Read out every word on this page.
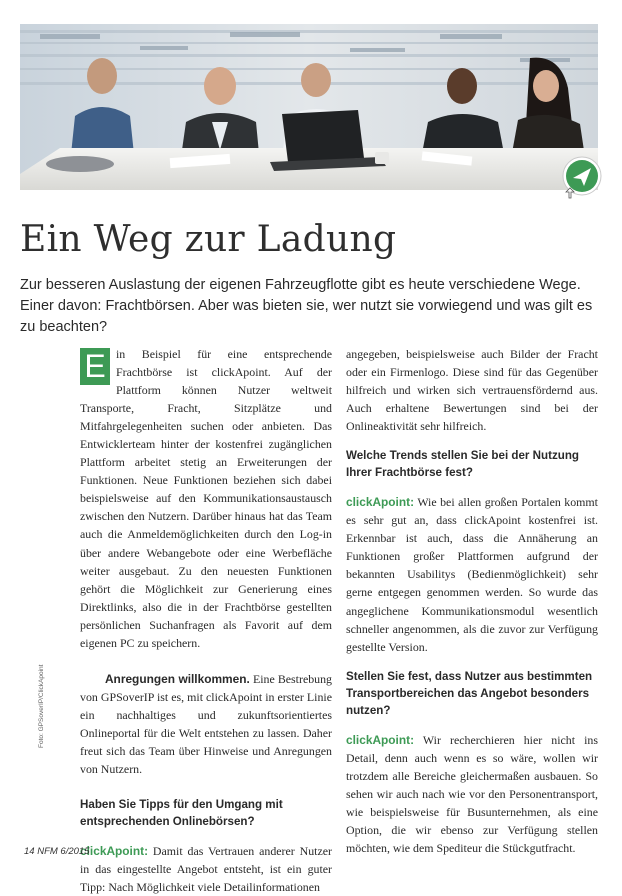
Ein Weg zur Ladung

Zur besseren Auslastung der eigenen Fahrzeugflotte gibt es heute verschiedene Wege. Einer davon: Frachtbörsen. Aber was bieten sie, wer nutzt sie vorwiegend und was gilt es zu beachten?

E in Beispiel für eine entsprechende Frachtbörse ist clickApoint. Auf der Plattform können Nutzer weltweit Transporte, Fracht, Sitzplätze und Mitfahrgelegenheiten suchen oder anbieten. Das Entwicklerteam hinter der kostenfrei zugänglichen Plattform arbeitet stetig an Erweiterungen der Funktionen. Neue Funktionen beziehen sich dabei beispielsweise auf den Kommunikationsaustausch zwischen den Nutzern. Darüber hinaus hat das Team auch die Anmeldemöglichkeiten durch den Log-in über andere Webangebote oder eine Werbefläche weiter ausgebaut. Zu den neuesten Funktionen gehört die Möglichkeit zur Generierung eines Direktlinks, also die in der Frachtbörse gestellten persönlichen Suchanfragen als Favorit auf dem eigenen PC zu speichern.

Anregungen willkommen. Eine Bestrebung von GPSoverIP ist es, mit clickApoint in erster Linie ein nachhaltiges und zukunftsorientiertes Onlineportal für die Welt entstehen zu lassen. Daher freut sich das Team über Hinweise und Anregungen von Nutzern.

Haben Sie Tipps für den Umgang mit entsprechenden Onlinebörsen?

clickApoint: Damit das Vertrauen anderer Nutzer in das eingestellte Angebot entsteht, ist ein guter Tipp: Nach Möglichkeit viele Detailinformationen

angegeben, beispielsweise auch Bilder der Fracht oder ein Firmenlogo. Diese sind für das Gegenüber hilfreich und wirken sich vertrauensfördernd aus. Auch erhaltene Bewertungen sind bei der Onlineaktivität sehr hilfreich.

Welche Trends stellen Sie bei der Nutzung Ihrer Frachtbörse fest?

clickApoint: Wie bei allen großen Portalen kommt es sehr gut an, dass clickApoint kostenfrei ist. Erkennbar ist auch, dass die Annäherung an Funktionen großer Plattformen aufgrund der bekannten Usabilitys (Bedienmöglichkeit) sehr gerne entgegen genommen werden. So wurde das angeglichene Kommunikationsmodul wesentlich schneller angenommen, als die zuvor zur Verfügung gestellte Version.

Stellen Sie fest, dass Nutzer aus bestimmten Transportbereichen das Angebot besonders nutzen?

clickApoint: Wir recherchieren hier nicht ins Detail, denn auch wenn es so wäre, wollen wir trotzdem alle Bereiche gleichermaßen ausbauen. So sehen wir auch nach wie vor den Personentransport, wie beispielsweise für Busunternehmen, als eine Option, die wir ebenso zur Verfügung stellen möchten, wie dem Spediteur die Stückgutfracht.

Foto: GPSoverIP/ClickApoint
14 NFM 6/2015
